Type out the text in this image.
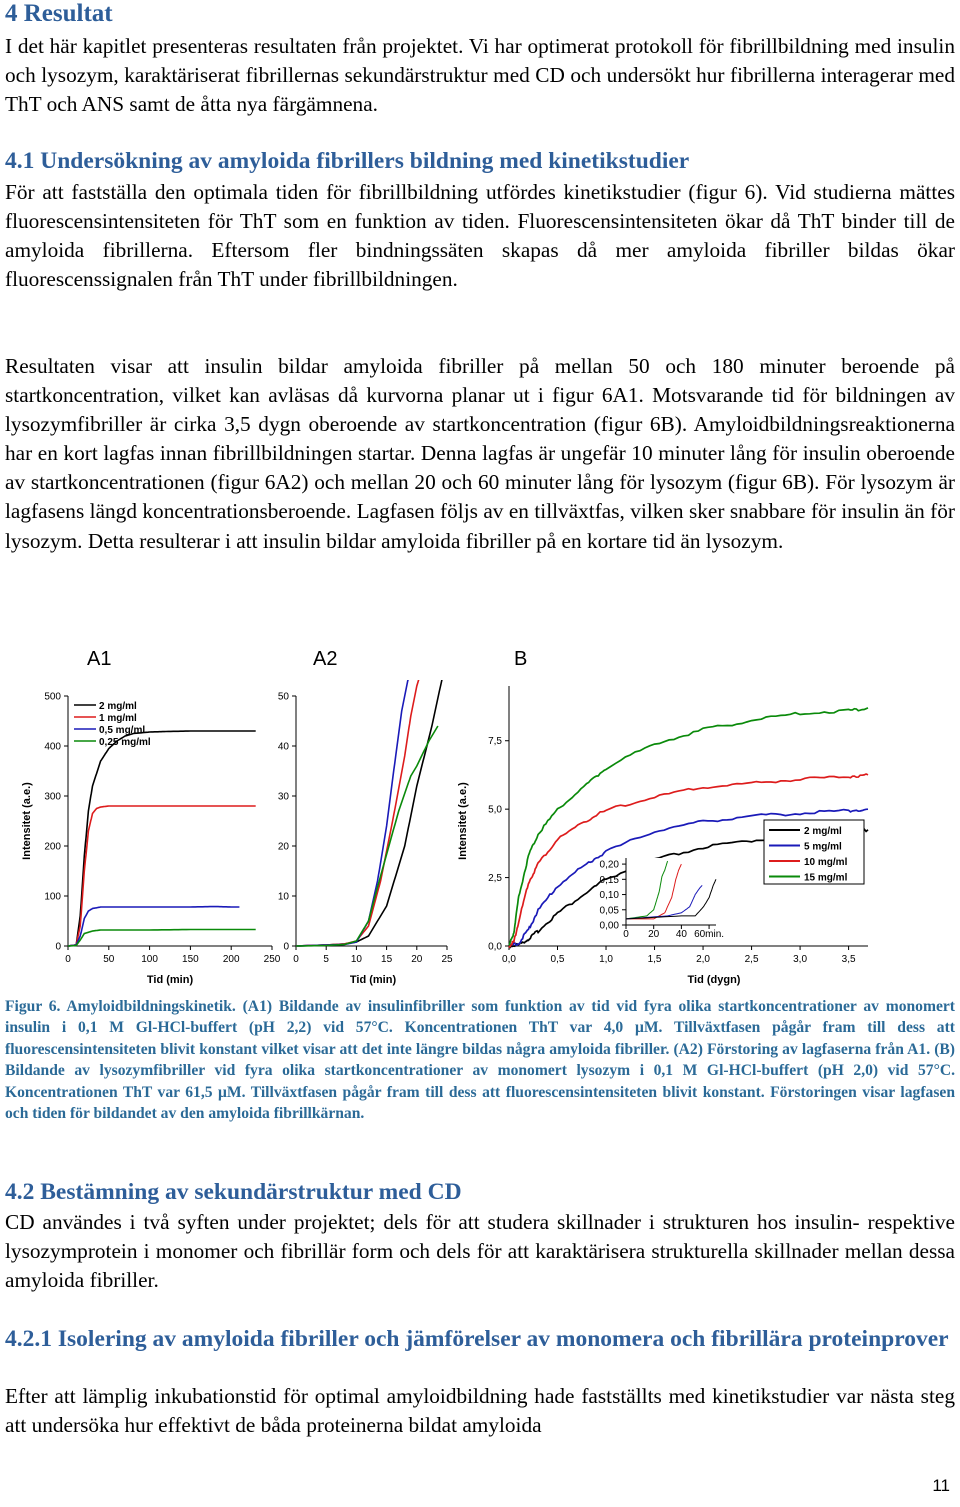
4 Resultat

I det här kapitlet presenteras resultaten från projektet. Vi har optimerat protokoll för fibrillbildning med insulin och lysozym, karaktäriserat fibrillernas sekundärstruktur med CD och undersökt hur fibrillerna interagerar med ThT och ANS samt de åtta nya färgämnena.

4.1 Undersökning av amyloida fibrillers bildning med kinetikstudier

För att fastställa den optimala tiden för fibrillbildning utfördes kinetikstudier (figur 6). Vid studierna mättes fluorescensintensiteten för ThT som en funktion av tiden. Fluorescensintensiteten ökar då ThT binder till de amyloida fibrillerna. Eftersom fler bindningssäten skapas då mer amyloida fibriller bildas ökar fluorescenssignalen från ThT under fibrillbildningen.

Resultaten visar att insulin bildar amyloida fibriller på mellan 50 och 180 minuter beroende på startkoncentration, vilket kan avläsas då kurvorna planar ut i figur 6A1. Motsvarande tid för bildningen av lysozymfibriller är cirka 3,5 dygn oberoende av startkoncentration (figur 6B). Amyloidbildningsreaktionerna har en kort lagfas innan fibrillbildningen startar. Denna lagfas är ungefär 10 minuter lång för insulin oberoende av startkoncentrationen (figur 6A2) och mellan 20 och 60 minuter lång för lysozym (figur 6B). För lysozym är lagfasens längd koncentrationsberoende. Lagfasen följs av en tillväxtfas, vilken sker snabbare för insulin än för lysozym. Detta resulterar i att insulin bildar amyloida fibriller på en kortare tid än lysozym.

A1	A2	B
0	50	100 150 200 250
0
100
200
300
400
500
Intensitet (a.e.)
Tid (min)
2 mg/ml
1 mg/ml
0,5 mg/ml
0,25 mg/ml
0 5 10 15 20 25
0
10
20
30
40
50
Tid (min)
0,0	0,5	1,0	1,5	2,0	2,5	3,0	3,5
0,0
2,5
5,0
7,5
Intensitet (a.e.)
Tid (dygn)
2 mg/ml
5 mg/ml
10 mg/ml
15 mg/ml
0 20 40 60min.
0,00
0,05
0,10
0,15
0,20

Figur 6. Amyloidbildningskinetik. (A1) Bildande av insulinfibriller som funktion av tid vid fyra olika startkoncentrationer av monomert insulin i 0,1 M Gl-HCl-buffert (pH 2,2) vid 57°C. Koncentrationen ThT var 4,0 μM. Tillväxtfasen pågår fram till dess att fluorescensintensiteten blivit konstant vilket visar att det inte längre bildas några amyloida fibriller. (A2) Förstoring av lagfaserna från A1. (B) Bildande av lysozymfibriller vid fyra olika startkoncentrationer av monomert lysozym i 0,1 M Gl-HCl-buffert (pH 2,0) vid 57°C. Koncentrationen ThT var 61,5 μM. Tillväxtfasen pågår fram till dess att fluorescensintensiteten blivit konstant. Förstoringen visar lagfasen och tiden för bildandet av den amyloida fibrillkärnan.

4.2 Bestämning av sekundärstruktur med CD

CD användes i två syften under projektet; dels för att studera skillnader i strukturen hos insulin- respektive lysozymprotein i monomer och fibrillär form och dels för att karaktärisera strukturella skillnader mellan dessa amyloida fibriller.

4.2.1 Isolering av amyloida fibriller och jämförelser av monomera och fibrillära proteinprover

Efter att lämplig inkubationstid för optimal amyloidbildning hade fastställts med kinetikstudier var nästa steg att undersöka hur effektivt de båda proteinerna bildat amyloida

11
